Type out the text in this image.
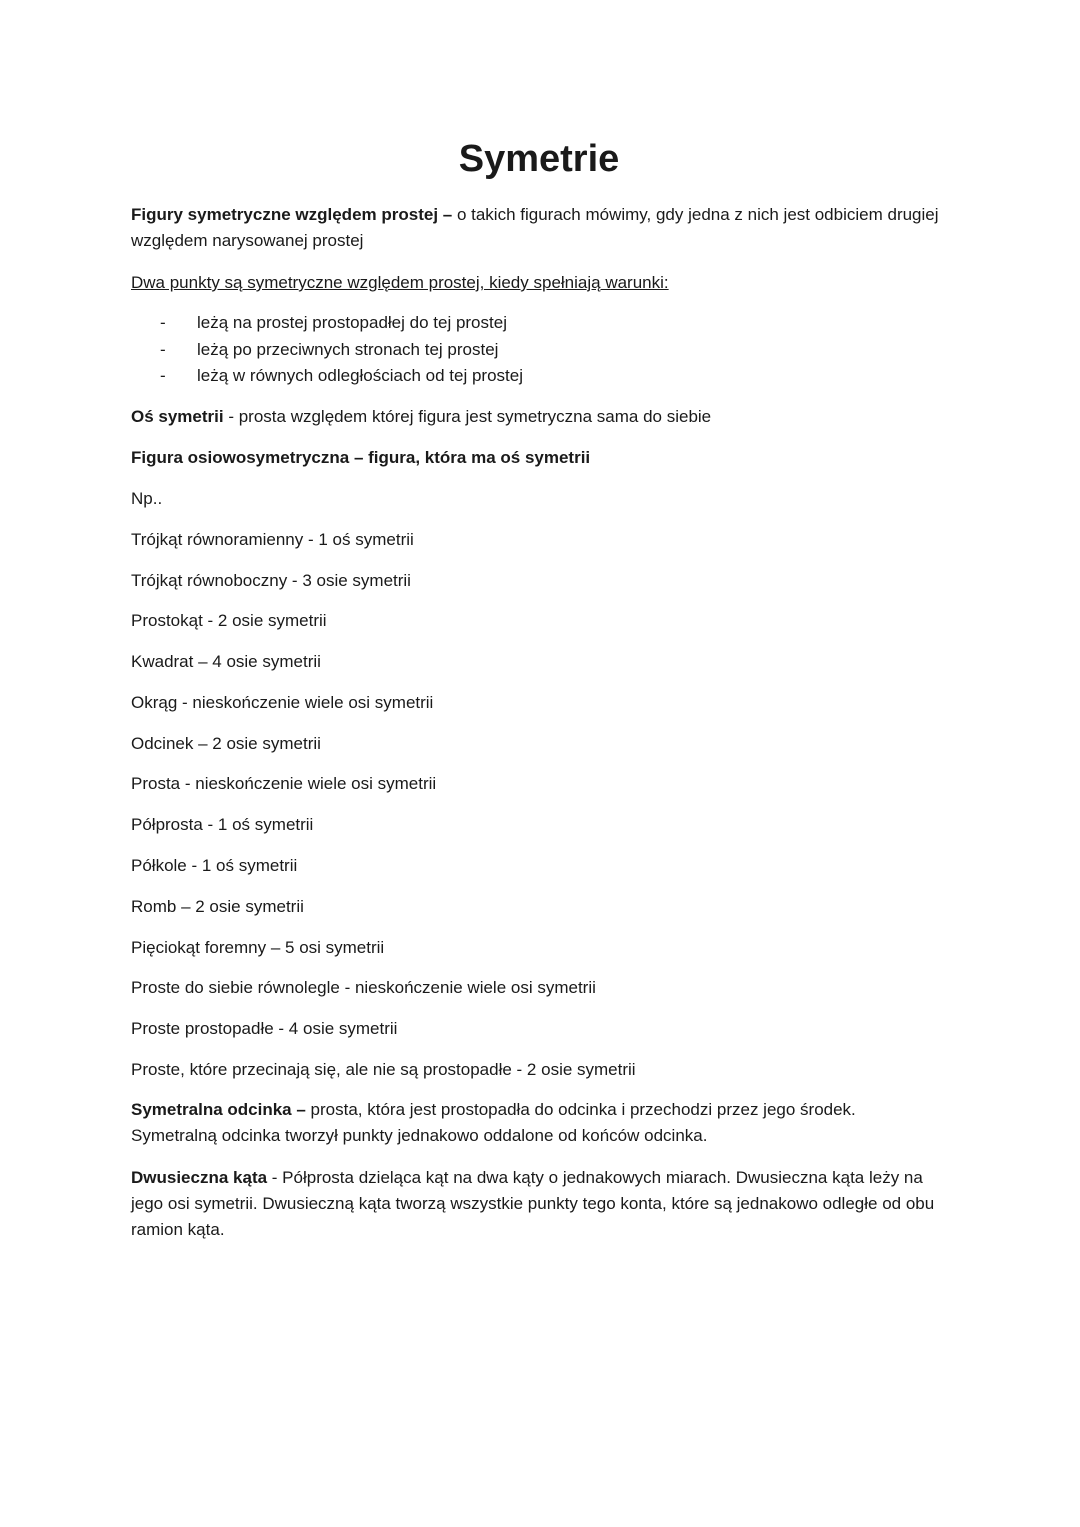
Symetrie

Figury symetryczne względem prostej – o takich figurach mówimy, gdy jedna z nich jest odbiciem drugiej względem narysowanej prostej

Dwa punkty są symetryczne względem prostej, kiedy spełniają warunki:

- leżą na prostej prostopadłej do tej prostej
- leżą po przeciwnych stronach tej prostej
- leżą w równych odległościach od tej prostej

Oś symetrii - prosta względem której figura jest symetryczna sama do siebie

Figura osiowosymetryczna – figura, która ma oś symetrii

Np..

Trójkąt równoramienny - 1 oś symetrii

Trójkąt równoboczny - 3 osie symetrii

Prostokąt - 2 osie symetrii

Kwadrat – 4 osie symetrii

Okrąg - nieskończenie wiele osi symetrii

Odcinek – 2 osie symetrii

Prosta - nieskończenie wiele osi symetrii

Półprosta - 1 oś symetrii

Półkole - 1 oś symetrii

Romb – 2 osie symetrii

Pięciokąt foremny – 5 osi symetrii

Proste do siebie równolegle - nieskończenie wiele osi symetrii

Proste prostopadłe - 4 osie symetrii

Proste, które przecinają się, ale nie są prostopadłe - 2 osie symetrii

Symetralna odcinka – prosta, która jest prostopadła do odcinka i przechodzi przez jego środek. Symetralną odcinka tworzył punkty jednakowo oddalone od końców odcinka.

Dwusieczna kąta - Półprosta dzieląca kąt na dwa kąty o jednakowych miarach. Dwusieczna kąta leży na jego osi symetrii. Dwusieczną kąta tworzą wszystkie punkty tego konta, które są jednakowo odległe od obu ramion kąta.
